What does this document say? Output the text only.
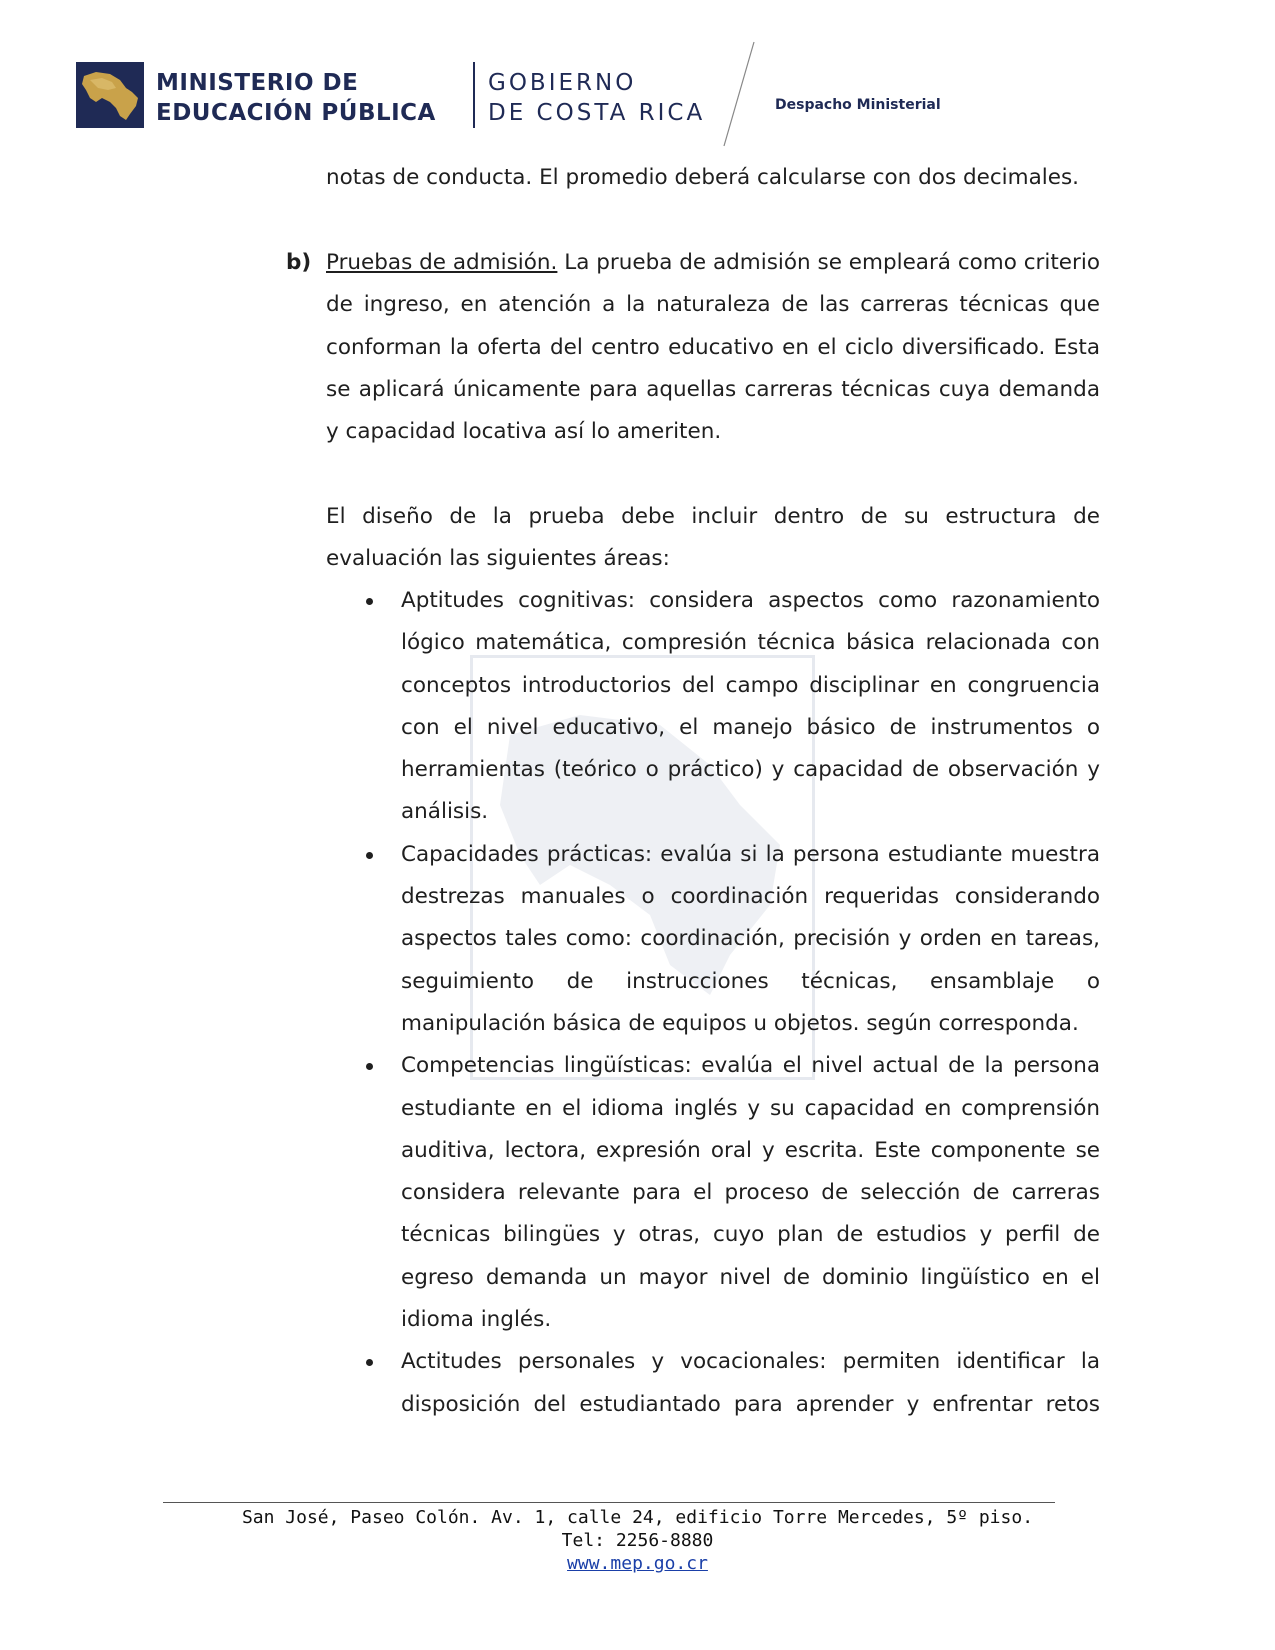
MINISTERIO DE
EDUCACIÓN PÚBLICA
GOBIERNO
DE COSTA RICA	Despacho Ministerial
notas de conducta. El promedio deberá calcularse con dos decimales.
b) Pruebas de admisión. La prueba de admisión se empleará como criterio de ingreso, en atención a la naturaleza de las carreras técnicas que conforman la oferta del centro educativo en el ciclo diversificado. Esta se aplicará únicamente para aquellas carreras técnicas cuya demanda y capacidad locativa así lo ameriten.
El diseño de la prueba debe incluir dentro de su estructura de evaluación las siguientes áreas:
Aptitudes cognitivas: considera aspectos como razonamiento lógico matemática, compresión técnica básica relacionada con conceptos introductorios del campo disciplinar en congruencia con el nivel educativo, el manejo básico de instrumentos o herramientas (teórico o práctico) y capacidad de observación y análisis.
Capacidades prácticas: evalúa si la persona estudiante muestra destrezas manuales o coordinación requeridas considerando aspectos tales como: coordinación, precisión y orden en tareas, seguimiento de instrucciones técnicas, ensamblaje o manipulación básica de equipos u objetos. según corresponda.
Competencias lingüísticas: evalúa el nivel actual de la persona estudiante en el idioma inglés y su capacidad en comprensión auditiva, lectora, expresión oral y escrita. Este componente se considera relevante para el proceso de selección de carreras técnicas bilingües y otras, cuyo plan de estudios y perfil de egreso demanda un mayor nivel de dominio lingüístico en el idioma inglés.
Actitudes personales y vocacionales: permiten identificar la disposición del estudiantado para aprender y enfrentar retos
San José, Paseo Colón. Av. 1, calle 24, edificio Torre Mercedes, 5º piso.
Tel: 2256-8880
www.mep.go.cr
